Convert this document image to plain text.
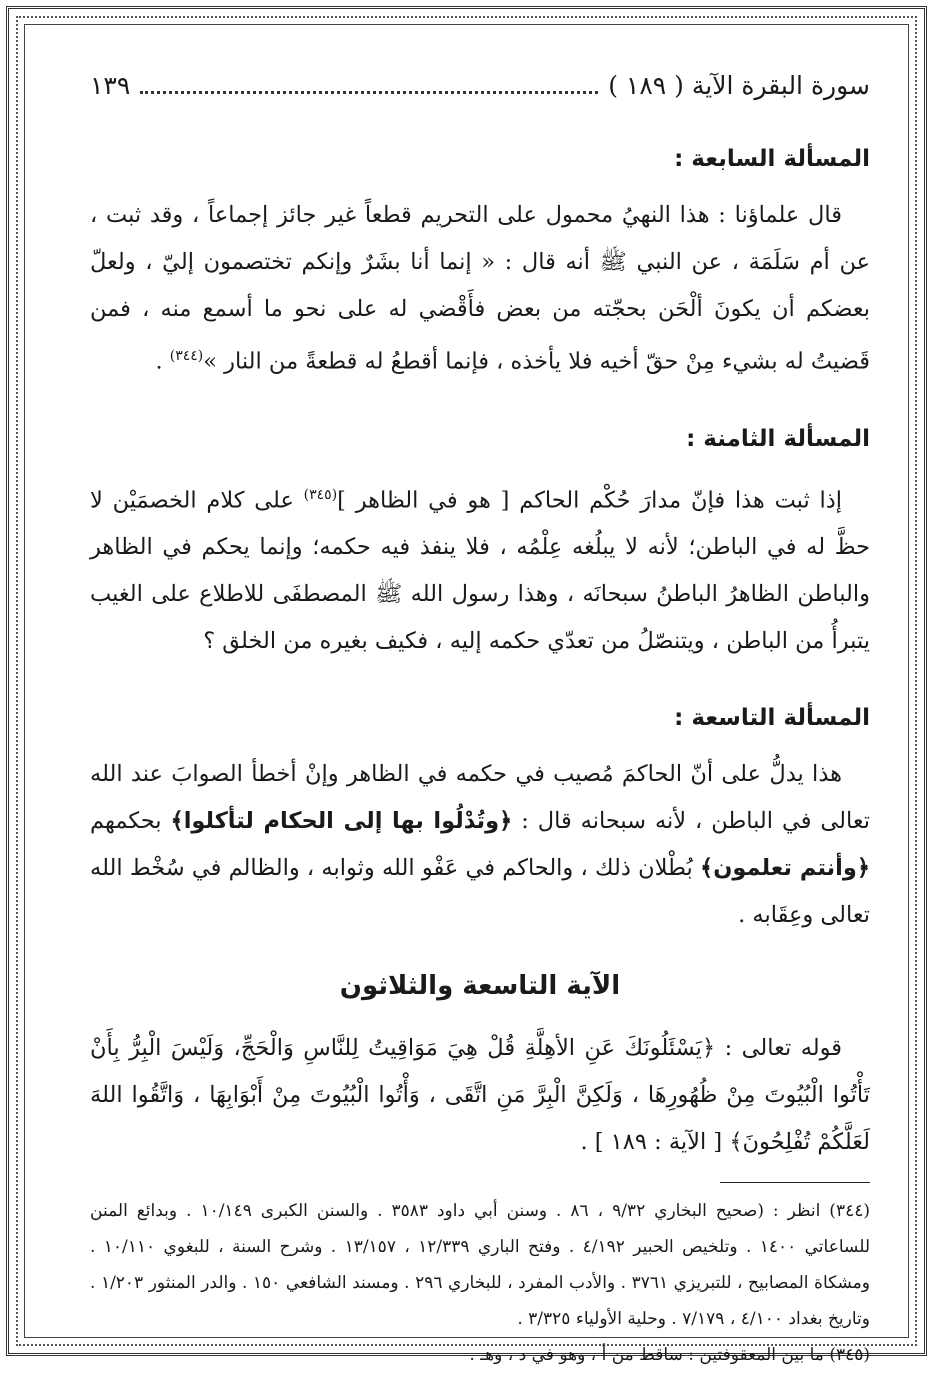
سورة البقرة الآية ( ١٨٩ )
١٣٩
المسألة السابعة :

قال علماؤنا : هذا النهيُ محمول على التحريم قطعاً غير جائز إجماعاً ، وقد ثبت ، عن أم سَلَمَة ، عن النبي ﷺ أنه قال : « إنما أنا بشَرٌ وإنكم تختصمون إليّ ، ولعلّ بعضكم أن يكونَ ألْحَن بحجّته من بعض فأَقْضي له على نحو ما أسمع منه ، فمن قَضيتُ له بشيء مِنْ حقّ أخيه فلا يأخذه ، فإنما أقطعُ له قطعةً من النار »$^{(٣٤٤)}$ .

المسألة الثامنة :

إذا ثبت هذا فإنّ مدارَ حُكْم الحاكم [ هو في الظاهر ]$^{(٣٤٥)}$ على كلام الخصمَيْن لا حظَّ له في الباطن؛ لأنه لا يبلُغه عِلْمُه ، فلا ينفذ فيه حكمه؛ وإنما يحكم في الظاهر والباطن الظاهرُ الباطنُ سبحانَه ، وهذا رسول الله ﷺ المصطفَى للاطلاع على الغيب يتبرأُ من الباطن ، ويتنصّلُ من تعدّي حكمه إليه ، فكيف بغيره من الخلق ؟

المسألة التاسعة :

هذا يدلُّ على أنّ الحاكمَ مُصيب في حكمه في الظاهر وإنْ أخطأ الصوابَ عند الله تعالى في الباطن ، لأنه سبحانه قال : ﴿وتُدْلُوا بها إلى الحكام لتأكلوا﴾ بحكمهم ﴿وأنتم تعلمون﴾ بُطْلان ذلك ، والحاكم في عَفْو الله وثوابه ، والظالم في سُخْط الله تعالى وعِقَابه .

الآية التاسعة والثلاثون

قوله تعالى : ﴿يَسْئَلُونَكَ عَنِ الأهِلَّةِ قُلْ هِيَ مَوَاقِيتُ لِلنَّاسِ وَالْحَجِّ، وَلَيْسَ الْبِرُّ بِأَنْ تَأْتُوا الْبُيُوتَ مِنْ ظُهُورِهَا ، وَلَكِنَّ الْبِرَّ مَنِ اتَّقَى ، وَأْتُوا الْبُيُوتَ مِنْ أَبْوَابِهَا ، وَاتَّقُوا اللهَ لَعَلَّكُمْ تُفْلِحُونَ﴾ [ الآية : ١٨٩ ] .

(٣٤٤) انظر : (صحيح البخاري ٩/٣٢ ، ٨٦ . وسنن أبي داود ٣٥٨٣ . والسنن الكبرى ١٠/١٤٩ . وبدائع المنن للساعاتي ١٤٠٠ . وتلخيص الحبير ٤/١٩٢ . وفتح الباري ١٢/٣٣٩ ، ١٣/١٥٧ . وشرح السنة ، للبغوي ١٠/١١٠ . ومشكاة المصابيح ، للتبريزي ٣٧٦١ . والأدب المفرد ، للبخاري ٢٩٦ . ومسند الشافعي ١٥٠ . والدر المنثور ١/٢٠٣ . وتاريخ بغداد ٤/١٠٠ ، ٧/١٧٩ . وحلية الأولياء ٣/٣٢٥ .

(٣٤٥) ما بين المعقوفتين : ساقط من أ ، وهو في د ، وهـ .
